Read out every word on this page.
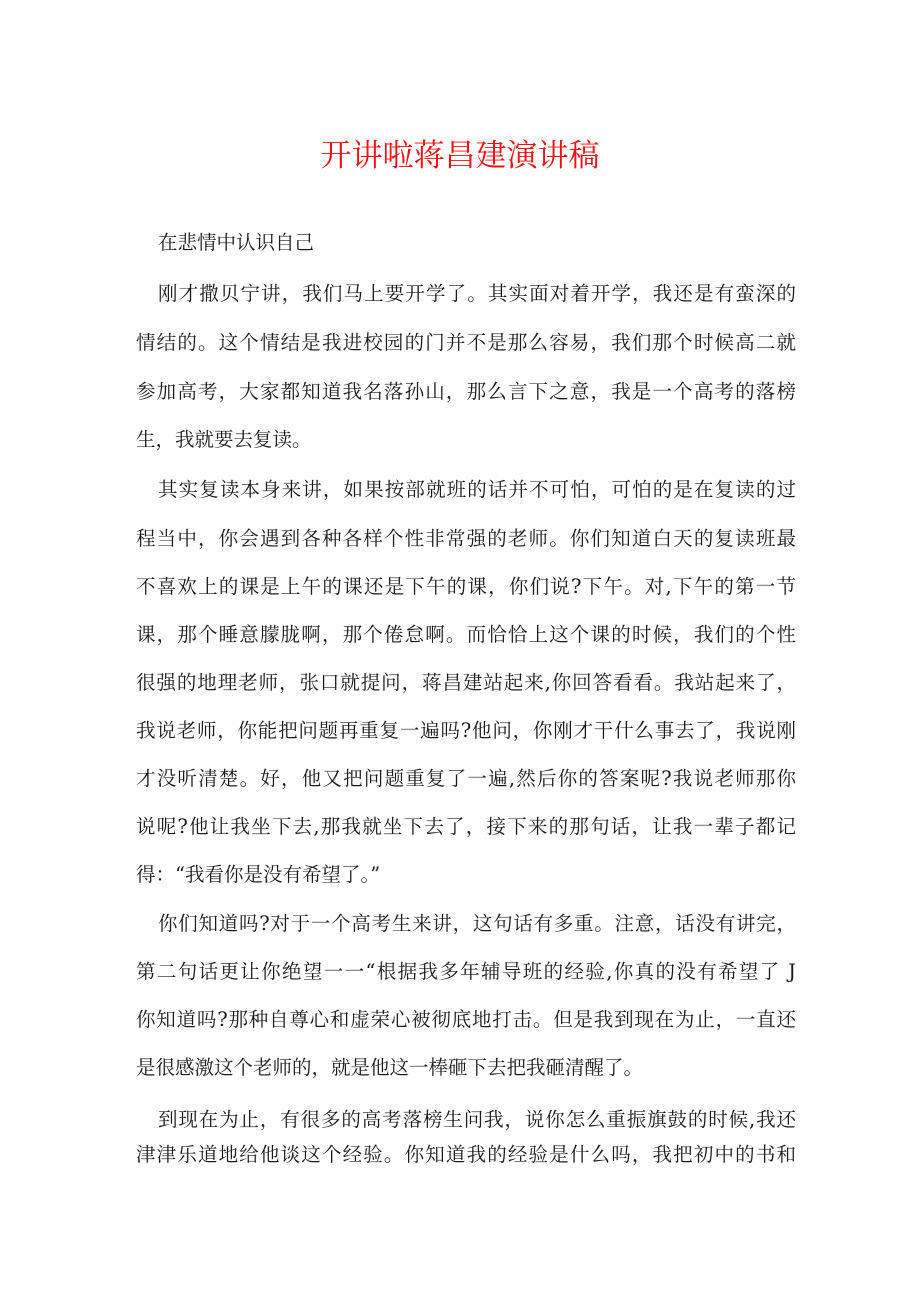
开讲啦蒋昌建演讲稿
在悲情中认识自己
刚才撒贝宁讲，我们马上要开学了。其实面对着开学，我还是有蛮深的
情结的。这个情结是我进校园的门并不是那么容易，我们那个时候高二就
参加高考，大家都知道我名落孙山，那么言下之意，我是一个高考的落榜
生，我就要去复读。
其实复读本身来讲，如果按部就班的话并不可怕，可怕的是在复读的过
程当中，你会遇到各种各样个性非常强的老师。你们知道白天的复读班最
不喜欢上的课是上午的课还是下午的课，你们说?下午。对,下午的第一节
课，那个睡意朦胧啊，那个倦怠啊。而恰恰上这个课的时候，我们的个性
很强的地理老师，张口就提问，蒋昌建站起来,你回答看看。我站起来了，
我说老师，你能把问题再重复一遍吗?他问，你刚才干什么事去了，我说刚
才没听清楚。好，他又把问题重复了一遍,然后你的答案呢?我说老师那你
说呢?他让我坐下去,那我就坐下去了，接下来的那句话，让我一辈子都记
得：“我看你是没有希望了。”
你们知道吗?对于一个高考生来讲，这句话有多重。注意，话没有讲完，
第二句话更让你绝望一一“根据我多年辅导班的经验,你真的没有希望了 J
你知道吗?那种自尊心和虚荣心被彻底地打击。但是我到现在为止，一直还
是很感激这个老师的，就是他这一棒砸下去把我砸清醒了。
到现在为止，有很多的高考落榜生问我，说你怎么重振旗鼓的时候,我还
津津乐道地给他谈这个经验。你知道我的经验是什么吗，我把初中的书和
